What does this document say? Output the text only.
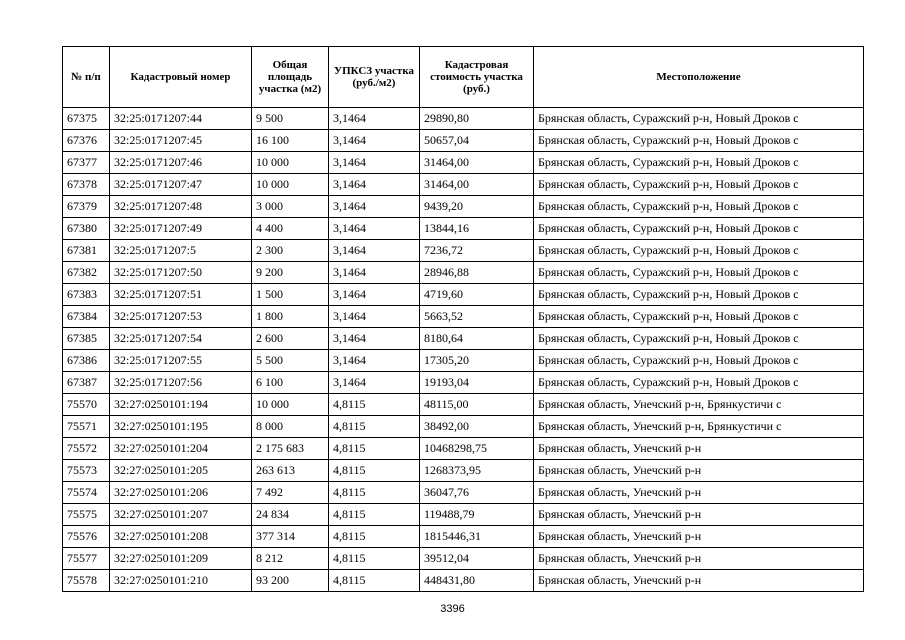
№ п/п	Кадастровый номер	Общая площадь участка (м2)	УПКСЗ участка (руб./м2)	Кадастровая стоимость участка (руб.)	Местоположение
67375	32:25:0171207:44	9 500	3,1464	29890,80	Брянская область, Суражский р-н, Новый Дроков с
67376	32:25:0171207:45	16 100	3,1464	50657,04	Брянская область, Суражский р-н, Новый Дроков с
67377	32:25:0171207:46	10 000	3,1464	31464,00	Брянская область, Суражский р-н, Новый Дроков с
67378	32:25:0171207:47	10 000	3,1464	31464,00	Брянская область, Суражский р-н, Новый Дроков с
67379	32:25:0171207:48	3 000	3,1464	9439,20	Брянская область, Суражский р-н, Новый Дроков с
67380	32:25:0171207:49	4 400	3,1464	13844,16	Брянская область, Суражский р-н, Новый Дроков с
67381	32:25:0171207:5	2 300	3,1464	7236,72	Брянская область, Суражский р-н, Новый Дроков с
67382	32:25:0171207:50	9 200	3,1464	28946,88	Брянская область, Суражский р-н, Новый Дроков с
67383	32:25:0171207:51	1 500	3,1464	4719,60	Брянская область, Суражский р-н, Новый Дроков с
67384	32:25:0171207:53	1 800	3,1464	5663,52	Брянская область, Суражский р-н, Новый Дроков с
67385	32:25:0171207:54	2 600	3,1464	8180,64	Брянская область, Суражский р-н, Новый Дроков с
67386	32:25:0171207:55	5 500	3,1464	17305,20	Брянская область, Суражский р-н, Новый Дроков с
67387	32:25:0171207:56	6 100	3,1464	19193,04	Брянская область, Суражский р-н, Новый Дроков с
75570	32:27:0250101:194	10 000	4,8115	48115,00	Брянская область, Унечский р-н, Брянкустичи с
75571	32:27:0250101:195	8 000	4,8115	38492,00	Брянская область, Унечский р-н, Брянкустичи с
75572	32:27:0250101:204	2 175 683	4,8115	10468298,75	Брянская область, Унечский р-н
75573	32:27:0250101:205	263 613	4,8115	1268373,95	Брянская область, Унечский р-н
75574	32:27:0250101:206	7 492	4,8115	36047,76	Брянская область, Унечский р-н
75575	32:27:0250101:207	24 834	4,8115	119488,79	Брянская область, Унечский р-н
75576	32:27:0250101:208	377 314	4,8115	1815446,31	Брянская область, Унечский р-н
75577	32:27:0250101:209	8 212	4,8115	39512,04	Брянская область, Унечский р-н
75578	32:27:0250101:210	93 200	4,8115	448431,80	Брянская область, Унечский р-н
3396
